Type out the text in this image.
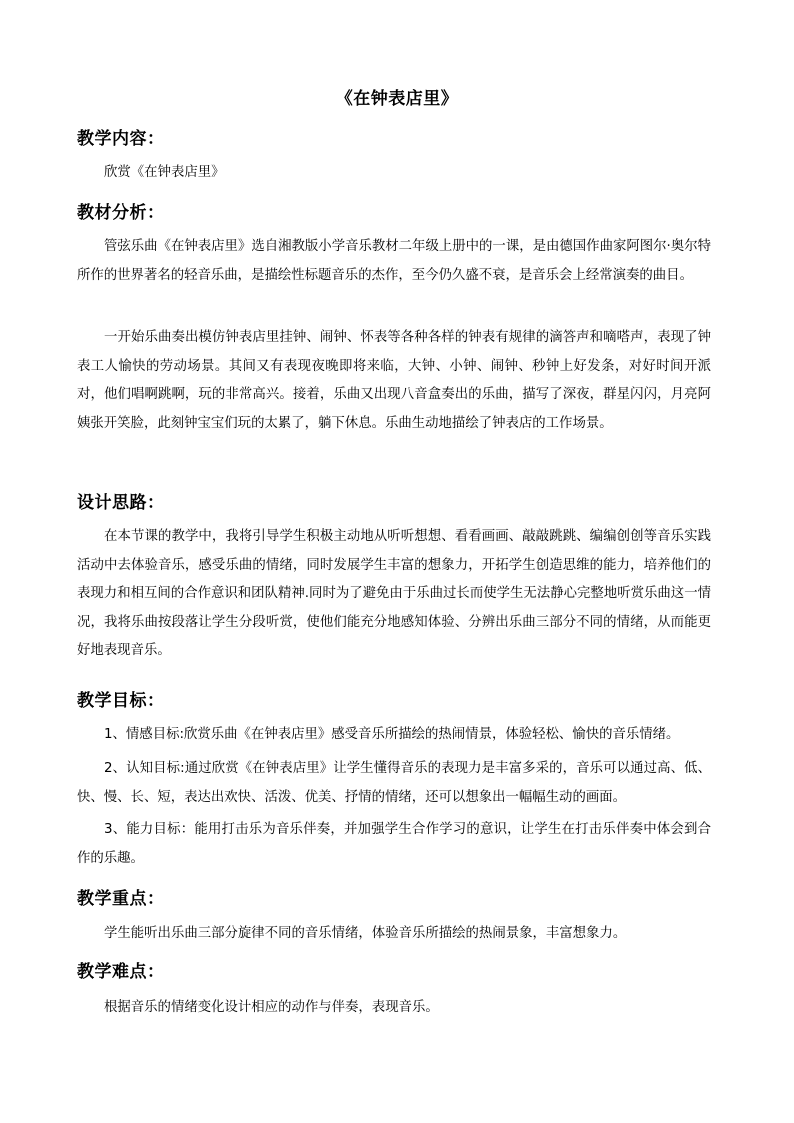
《在钟表店里》
教学内容：

欣赏《在钟表店里》

教材分析：

管弦乐曲《在钟表店里》选自湘教版小学音乐教材二年级上册中的一课，是由德国作曲家阿图尔·奥尔特所作的世界著名的轻音乐曲，是描绘性标题音乐的杰作，至今仍久盛不衰，是音乐会上经常演奏的曲目。

一开始乐曲奏出模仿钟表店里挂钟、闹钟、怀表等各种各样的钟表有规律的滴答声和嘀嗒声，表现了钟表工人愉快的劳动场景。其间又有表现夜晚即将来临，大钟、小钟、闹钟、秒钟上好发条，对好时间开派对，他们唱啊跳啊，玩的非常高兴。接着，乐曲又出现八音盒奏出的乐曲，描写了深夜，群星闪闪，月亮阿姨张开笑脸，此刻钟宝宝们玩的太累了，躺下休息。乐曲生动地描绘了钟表店的工作场景。

设计思路：

在本节课的教学中，我将引导学生积极主动地从听听想想、看看画画、敲敲跳跳、编编创创等音乐实践活动中去体验音乐，感受乐曲的情绪，同时发展学生丰富的想象力，开拓学生创造思维的能力，培养他们的表现力和相互间的合作意识和团队精神.同时为了避免由于乐曲过长而使学生无法静心完整地听赏乐曲这一情况，我将乐曲按段落让学生分段听赏，使他们能充分地感知体验、分辨出乐曲三部分不同的情绪，从而能更好地表现音乐。

教学目标：

1、情感目标:欣赏乐曲《在钟表店里》感受音乐所描绘的热闹情景，体验轻松、愉快的音乐情绪。

2、认知目标:通过欣赏《在钟表店里》让学生懂得音乐的表现力是丰富多采的，音乐可以通过高、低、快、慢、长、短，表达出欢快、活泼、优美、抒情的情绪，还可以想象出一幅幅生动的画面。

3、能力目标：能用打击乐为音乐伴奏，并加强学生合作学习的意识，让学生在打击乐伴奏中体会到合作的乐趣。

教学重点：

学生能听出乐曲三部分旋律不同的音乐情绪，体验音乐所描绘的热闹景象，丰富想象力。

教学难点：

根据音乐的情绪变化设计相应的动作与伴奏，表现音乐。
